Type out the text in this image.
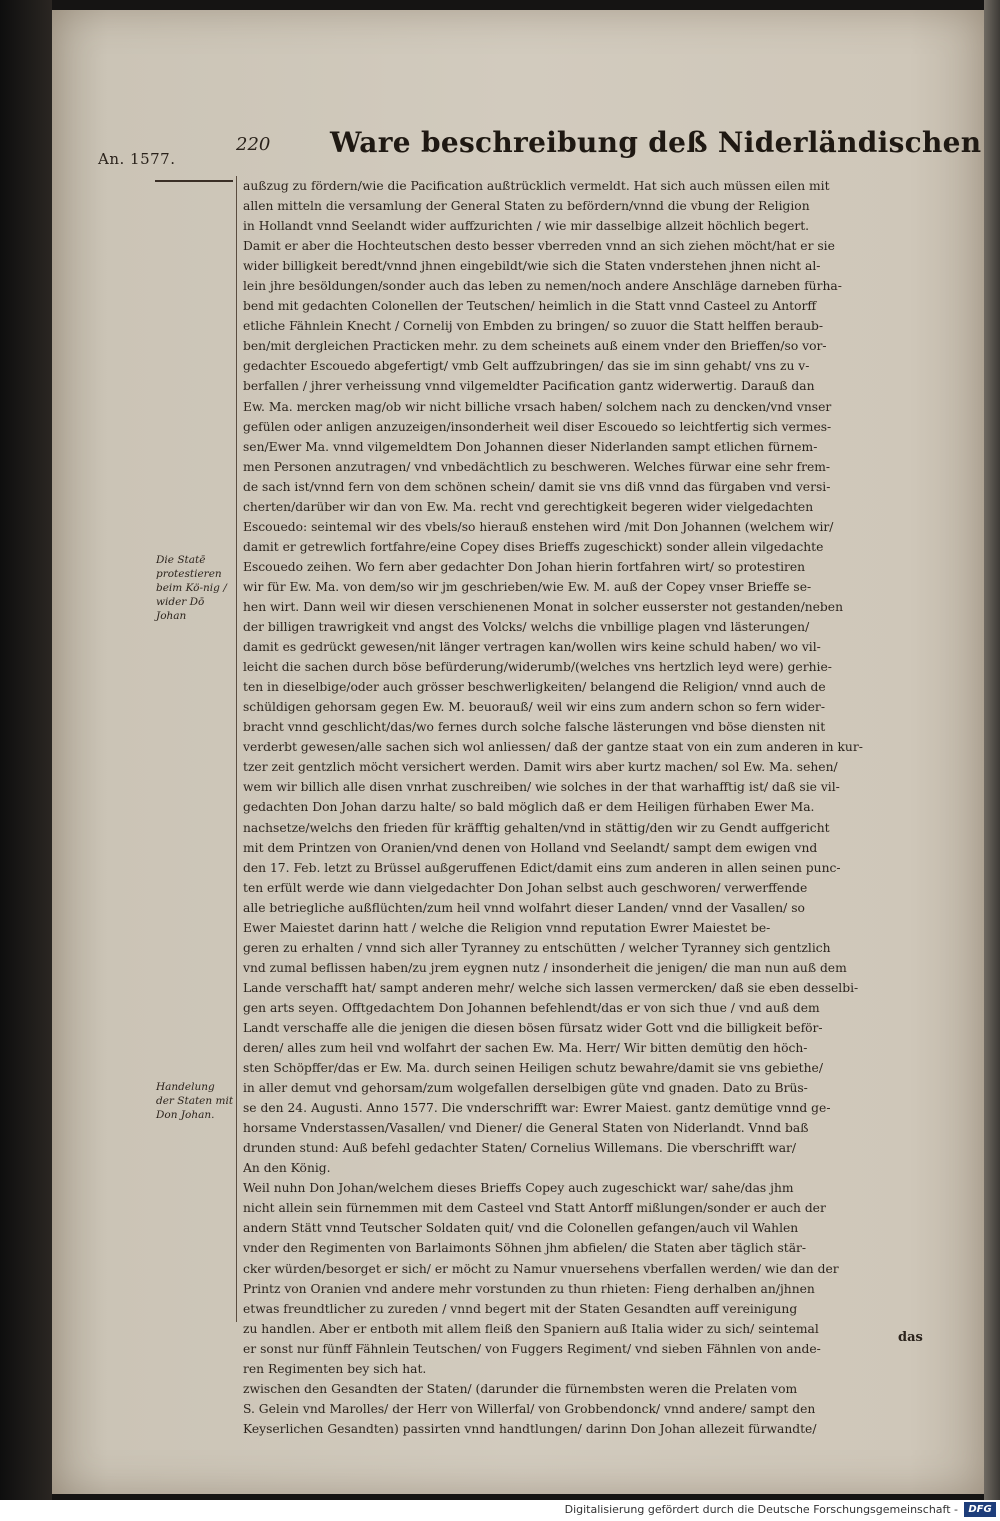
An. 1577.
220 Ware beschreibung deß Niderländischen
außzug zu fördern/wie die Pacification außtrücklich vermeldt. Hat sich auch müssen eilen mit
allen mitteln die versamlung der General Staten zu befördern/vnnd die vbung der Religion
in Hollandt vnnd Seelandt wider auffzurichten / wie mir dasselbige allzeit höchlich begert.
Damit er aber die Hochteutschen desto besser vberreden vnnd an sich ziehen möcht/hat er sie
wider billigkeit beredt/vnnd jhnen eingebildt/wie sich die Staten vnderstehen jhnen nicht al-
lein jhre besöldungen/sonder auch das leben zu nemen/noch andere Anschläge darneben fürha-
bend mit gedachten Colonellen der Teutschen/ heimlich in die Statt vnnd Casteel zu Antorff
etliche Fähnlein Knecht / Cornelij von Embden zu bringen/ so zuuor die Statt helffen beraub-
ben/mit dergleichen Practicken mehr. zu dem scheinets auß einem vnder den Brieffen/so vor-
gedachter Escouedo abgefertigt/ vmb Gelt auffzubringen/ das sie im sinn gehabt/ vns zu v-
berfallen / jhrer verheissung vnnd vilgemeldter Pacification gantz widerwertig. Darauß dan
Ew. Ma. mercken mag/ob wir nicht billiche vrsach haben/ solchem nach zu dencken/vnd vnser
gefülen oder anligen anzuzeigen/insonderheit weil diser Escouedo so leichtfertig sich vermes-
sen/Ewer Ma. vnnd vilgemeldtem Don Johannen dieser Niderlanden sampt etlichen fürnem-
men Personen anzutragen/ vnd vnbedächtlich zu beschweren. Welches fürwar eine sehr frem-
de sach ist/vnnd fern von dem schönen schein/ damit sie vns diß vnnd das fürgaben vnd versi-
cherten/darüber wir dan von Ew. Ma. recht vnd gerechtigkeit begeren wider vielgedachten
Escouedo: seintemal wir des vbels/so hierauß enstehen wird /mit Don Johannen (welchem wir/
damit er getrewlich fortfahre/eine Copey dises Brieffs zugeschickt) sonder allein vilgedachte
Escouedo zeihen. Wo fern aber gedachter Don Johan hierin fortfahren wirt/ so protestiren
wir für Ew. Ma. von dem/so wir jm geschrieben/wie Ew. M. auß der Copey vnser Brieffe se-
hen wirt. Dann weil wir diesen verschienenen Monat in solcher eusserster not gestanden/neben
der billigen trawrigkeit vnd angst des Volcks/ welchs die vnbillige plagen vnd lästerungen/
damit es gedrückt gewesen/nit länger vertragen kan/wollen wirs keine schuld haben/ wo vil-
leicht die sachen durch böse befürderung/widerumb/(welches vns hertzlich leyd were) gerhie-
ten in dieselbige/oder auch grösser beschwerligkeiten/ belangend die Religion/ vnnd auch de
schüldigen gehorsam gegen Ew. M. beuorauß/ weil wir eins zum andern schon so fern wider-
bracht vnnd geschlicht/das/wo fernes durch solche falsche lästerungen vnd böse diensten nit
verderbt gewesen/alle sachen sich wol anliessen/ daß der gantze staat von ein zum anderen in kur-
tzer zeit gentzlich möcht versichert werden. Damit wirs aber kurtz machen/ sol Ew. Ma. sehen/
wem wir billich alle disen vnrhat zuschreiben/ wie solches in der that warhafftig ist/ daß sie vil-
gedachten Don Johan darzu halte/ so bald möglich daß er dem Heiligen fürhaben Ewer Ma.
nachsetze/welchs den frieden für kräfftig gehalten/vnd in stättig/den wir zu Gendt auffgericht
mit dem Printzen von Oranien/vnd denen von Holland vnd Seelandt/ sampt dem ewigen vnd
den 17. Feb. letzt zu Brüssel außgeruffenen Edict/damit eins zum anderen in allen seinen punc-
ten erfült werde wie dann vielgedachter Don Johan selbst auch geschworen/ verwerffende
alle betriegliche außflüchten/zum heil vnnd wolfahrt dieser Landen/ vnnd der Vasallen/ so
Ewer Maiestet darinn hatt / welche die Religion vnnd reputation Ewrer Maiestet be-
geren zu erhalten / vnnd sich aller Tyranney zu entschütten / welcher Tyranney sich gentzlich
vnd zumal beflissen haben/zu jrem eygnen nutz / insonderheit die jenigen/ die man nun auß dem
Lande verschafft hat/ sampt anderen mehr/ welche sich lassen vermercken/ daß sie eben desselbi-
gen arts seyen. Offtgedachtem Don Johannen befehlendt/das er von sich thue / vnd auß dem
Landt verschaffe alle die jenigen die diesen bösen fürsatz wider Gott vnd die billigkeit beför-
deren/ alles zum heil vnd wolfahrt der sachen Ew. Ma. Herr/ Wir bitten demütig den höch-
sten Schöpffer/das er Ew. Ma. durch seinen Heiligen schutz bewahre/damit sie vns gebiethe/
in aller demut vnd gehorsam/zum wolgefallen derselbigen güte vnd gnaden. Dato zu Brüs-
se den 24. Augusti. Anno 1577. Die vnderschrifft war: Ewrer Maiest. gantz demütige vnnd ge-
horsame Vnderstassen/Vasallen/ vnd Diener/ die General Staten von Niderlandt. Vnnd baß
drunden stund: Auß befehl gedachter Staten/ Cornelius Willemans. Die vberschrifft war/
An den König.
Weil nuhn Don Johan/welchem dieses Brieffs Copey auch zugeschickt war/ sahe/das jhm
nicht allein sein fürnemmen mit dem Casteel vnd Statt Antorff mißlungen/sonder er auch der
andern Stätt vnnd Teutscher Soldaten quit/ vnd die Colonellen gefangen/auch vil Wahlen
vnder den Regimenten von Barlaimonts Söhnen jhm abfielen/ die Staten aber täglich stär-
cker würden/besorget er sich/ er möcht zu Namur vnuersehens vberfallen werden/ wie dan der
Printz von Oranien vnd andere mehr vorstunden zu thun rhieten: Fieng derhalben an/jhnen
etwas freundtlicher zu zureden / vnnd begert mit der Staten Gesandten auff vereinigung
zu handlen. Aber er entboth mit allem fleiß den Spaniern auß Italia wider zu sich/ seintemal
er sonst nur fünff Fähnlein Teutschen/ von Fuggers Regiment/ vnd sieben Fähnlen von ande-
ren Regimenten bey sich hat.
zwischen den Gesandten der Staten/ (darunder die fürnembsten weren die Prelaten vom
S. Gelein vnd Marolles/ der Herr von Willerfal/ von Grobbendonck/ vnnd andere/ sampt den
Keyserlichen Gesandten) passirten vnnd handtlungen/ darinn Don Johan allezeit fürwandte/
Die Statē protestieren beim Kö-nig / wider Dō Johan
Handelung der Staten mit Don Johan.
das
Digitalisierung gefördert durch die Deutsche Forschungsgemeinschaft -	DFG
